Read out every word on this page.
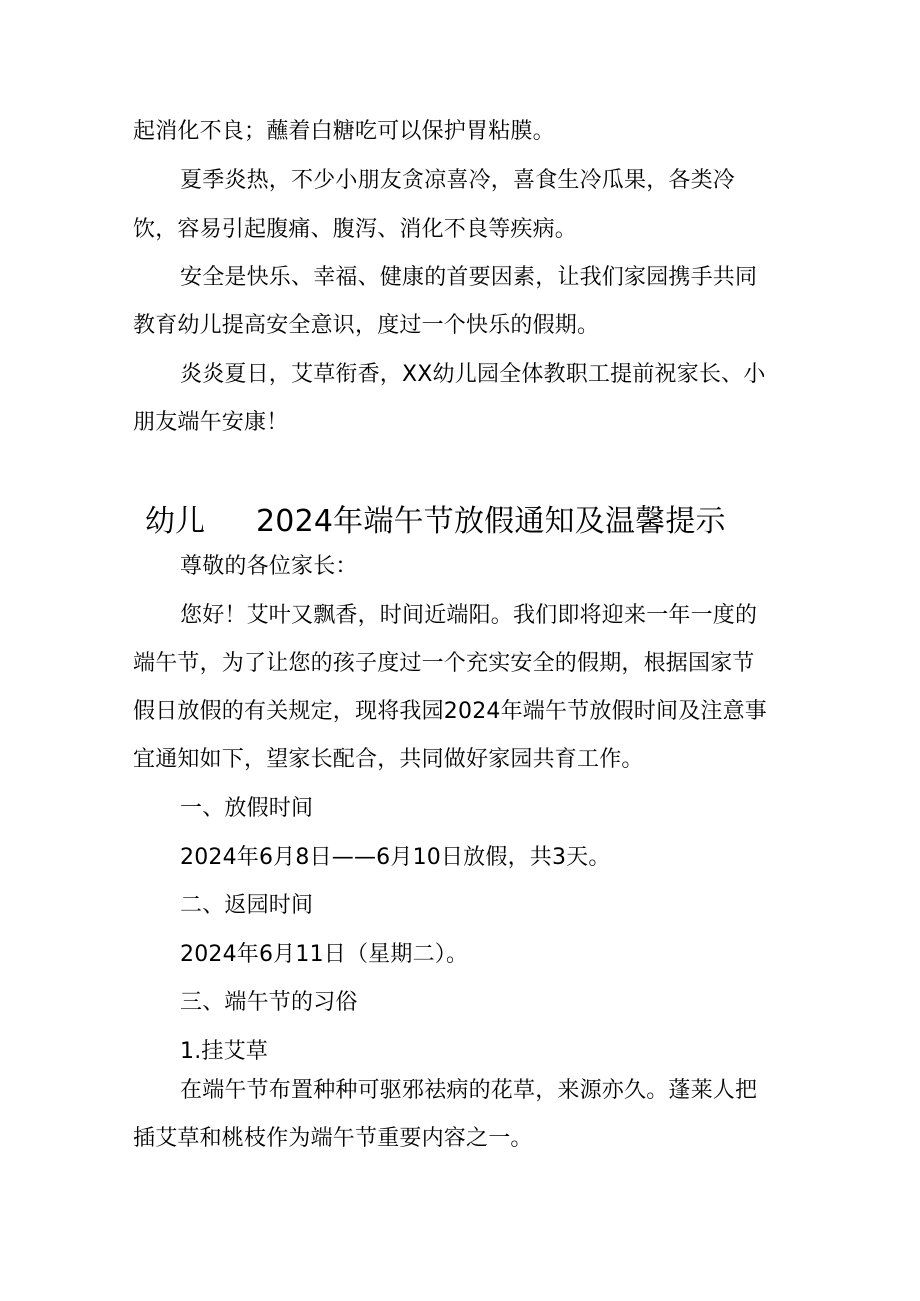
起消化不良；蘸着白糖吃可以保护胃粘膜。
夏季炎热，不少小朋友贪凉喜冷，喜食生冷瓜果，各类冷
饮，容易引起腹痛、腹泻、消化不良等疾病。
安全是快乐、幸福、健康的首要因素，让我们家园携手共同
教育幼儿提高安全意识，度过一个快乐的假期。
炎炎夏日，艾草衔香，XX幼儿园全体教职工提前祝家长、小
朋友端午安康！
幼儿 2024年端午节放假通知及温馨提示
尊敬的各位家长：
您好！艾叶又飘香，时间近端阳。我们即将迎来一年一度的
端午节，为了让您的孩子度过一个充实安全的假期，根据国家节
假日放假的有关规定，现将我园2024年端午节放假时间及注意事
宜通知如下，望家长配合，共同做好家园共育工作。
一、放假时间
2024年6月8日——6月10日放假，共3天。
二、返园时间
2024年6月11日（星期二）。
三、端午节的习俗
1.挂艾草
在端午节布置种种可驱邪祛病的花草，来源亦久。蓬莱人把
插艾草和桃枝作为端午节重要内容之一。
